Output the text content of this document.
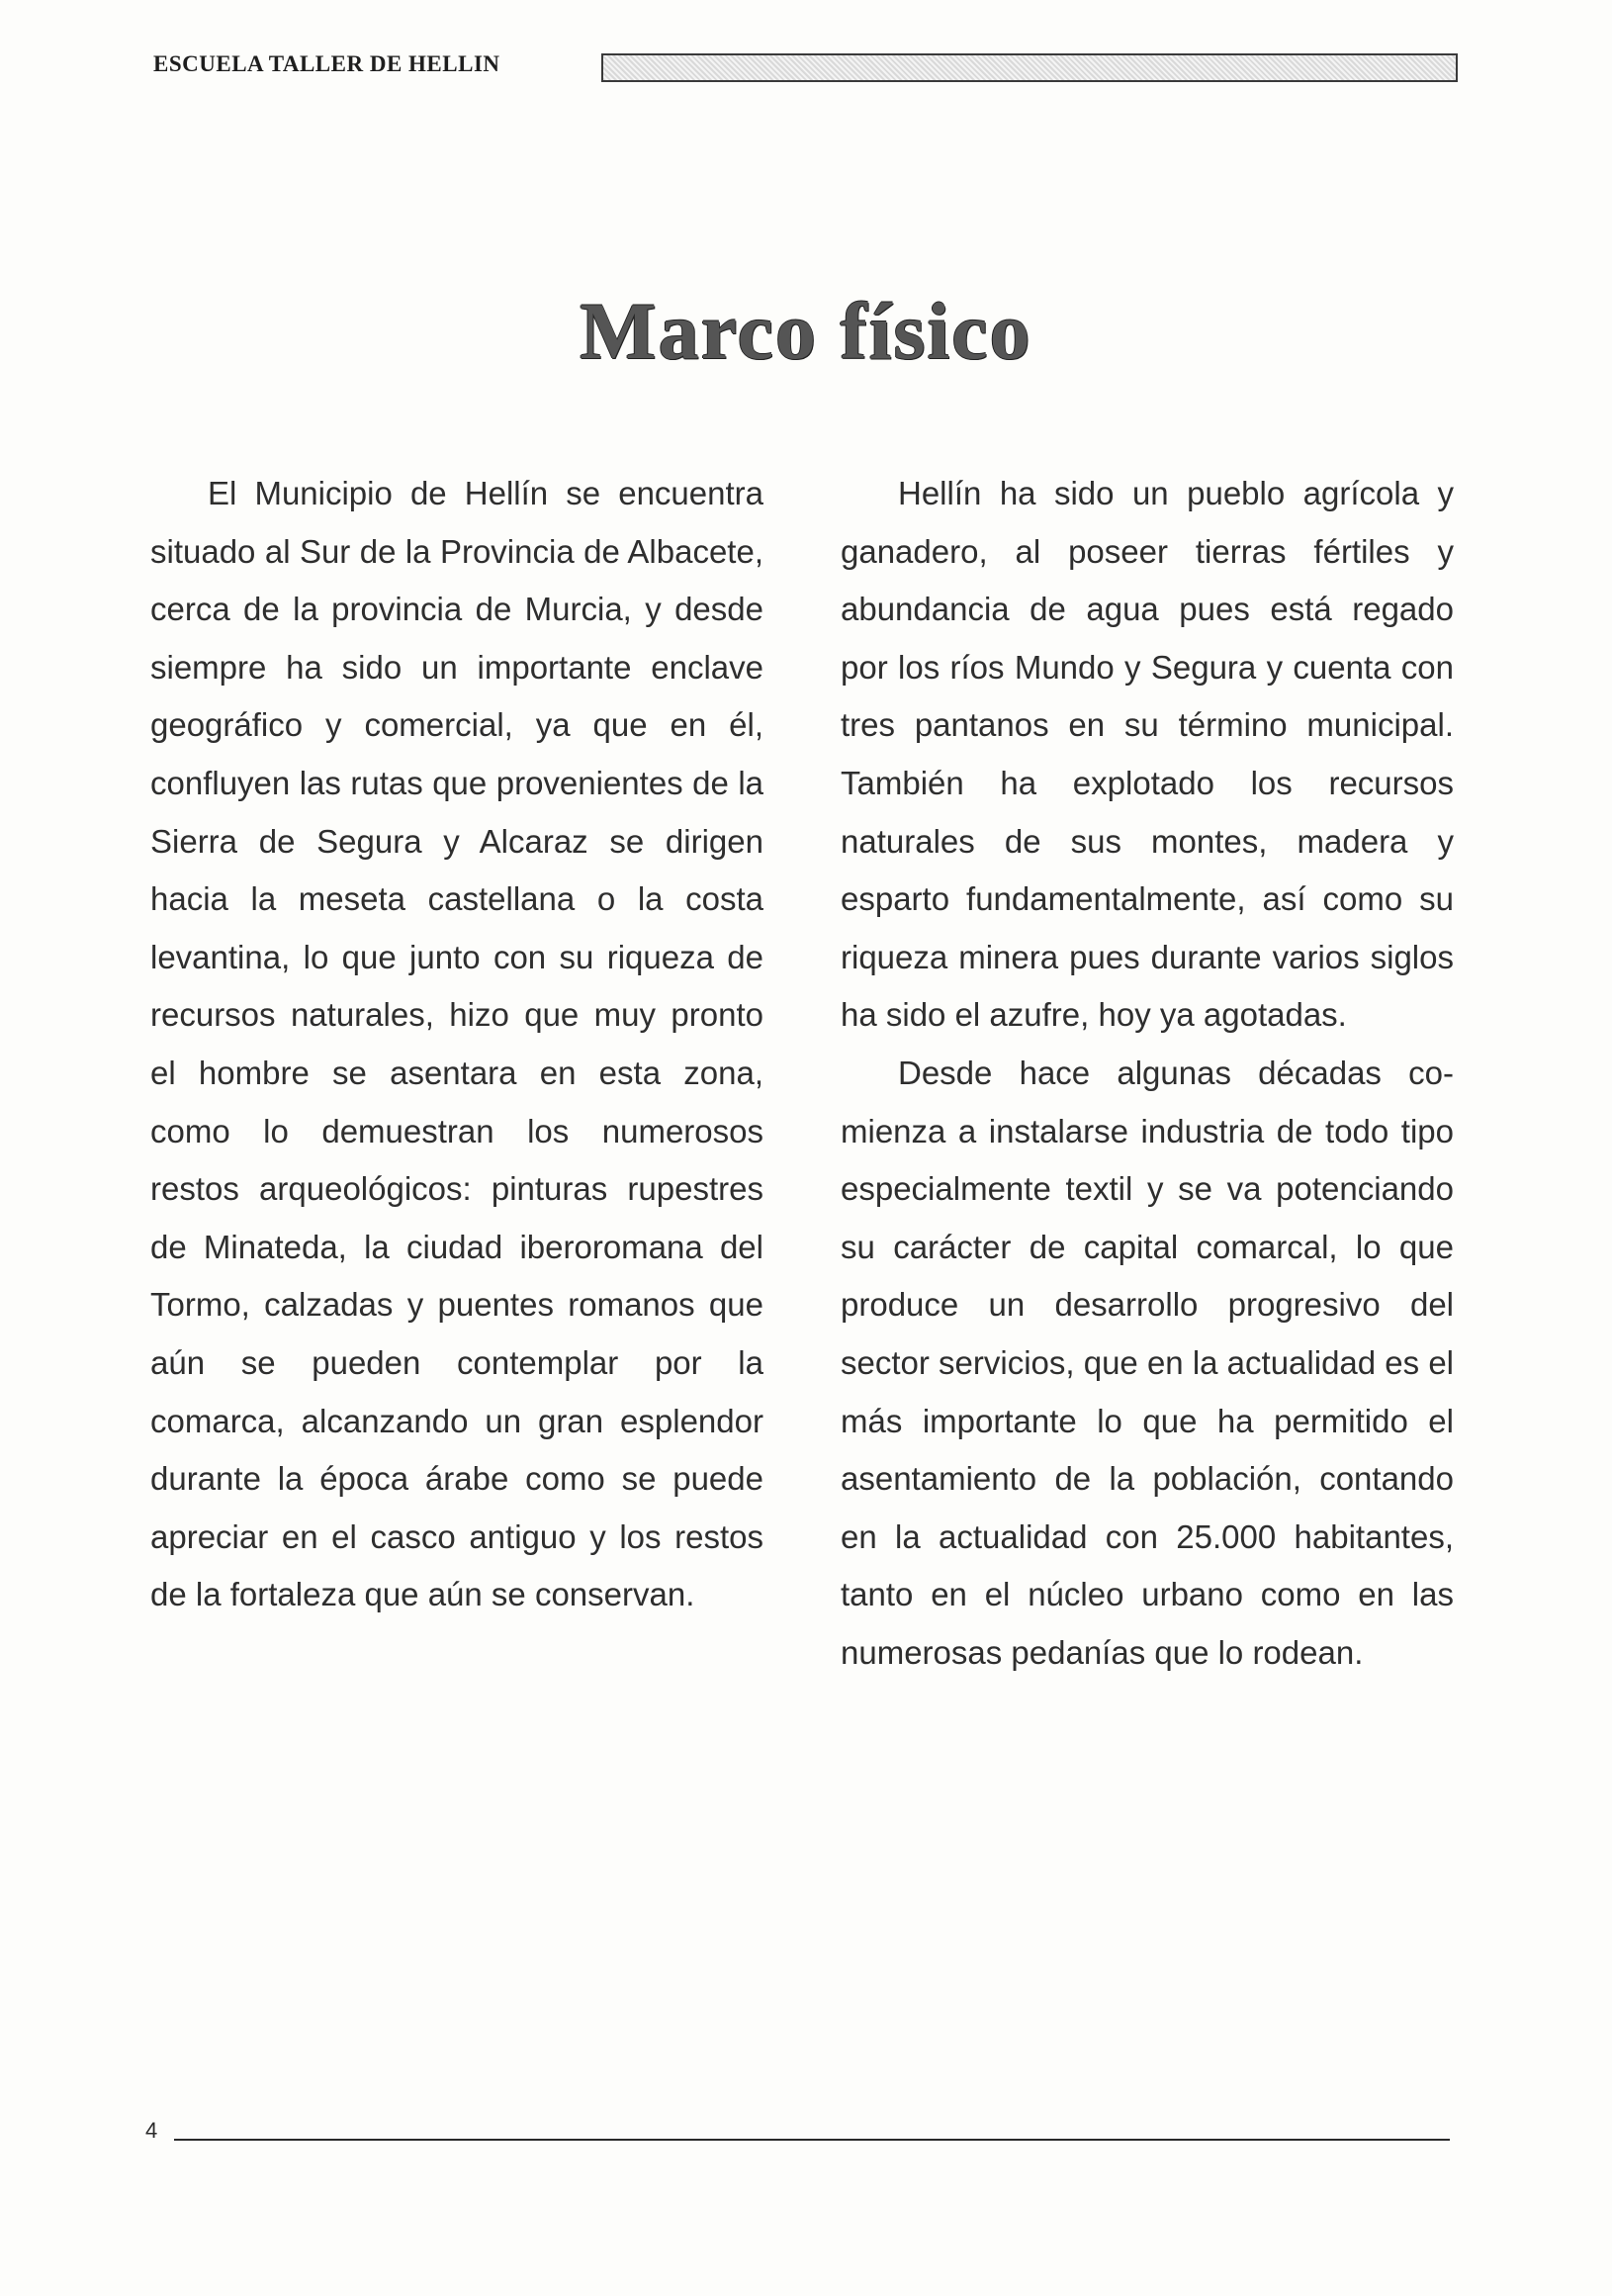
ESCUELA TALLER DE HELLIN
Marco físico

El Municipio de Hellín se encuentra situado al Sur de la Provincia de Albacete, cerca de la provincia de Murcia, y desde siempre ha sido un importante enclave geográfico y comercial, ya que en él, confluyen las rutas que provenientes de la Sierra de Segura y Alcaraz se dirigen hacia la meseta castellana o la costa levantina, lo que junto con su riqueza de recursos naturales, hizo que muy pronto el hombre se asentara en esta zona, como lo demuestran los numerosos restos arqueológicos: pinturas rupestres de Minateda, la ciudad iberoromana del Tormo, calzadas y puentes romanos que aún se pueden contemplar por la comarca, alcanzando un gran esplendor durante la época árabe como se puede apreciar en el casco antiguo y los restos de la fortaleza que aún se conservan.

Hellín ha sido un pueblo agrícola y ganadero, al poseer tierras fértiles y abundancia de agua pues está regado por los ríos Mundo y Segura y cuenta con tres pantanos en su término municipal. También ha explotado los recursos naturales de sus montes, madera y esparto fundamentalmente, así como su riqueza minera pues durante varios siglos ha sido el azufre, hoy ya agotadas.

Desde hace algunas décadas comienza a instalarse industria de todo tipo especialmente textil y se va potenciando su carácter de capital comarcal, lo que produce un desarrollo progresivo del sector servicios, que en la actualidad es el más importante lo que ha permitido el asentamiento de la población, contando en la actualidad con 25.000 habitantes, tanto en el núcleo urbano como en las numerosas pedanías que lo rodean.

4
